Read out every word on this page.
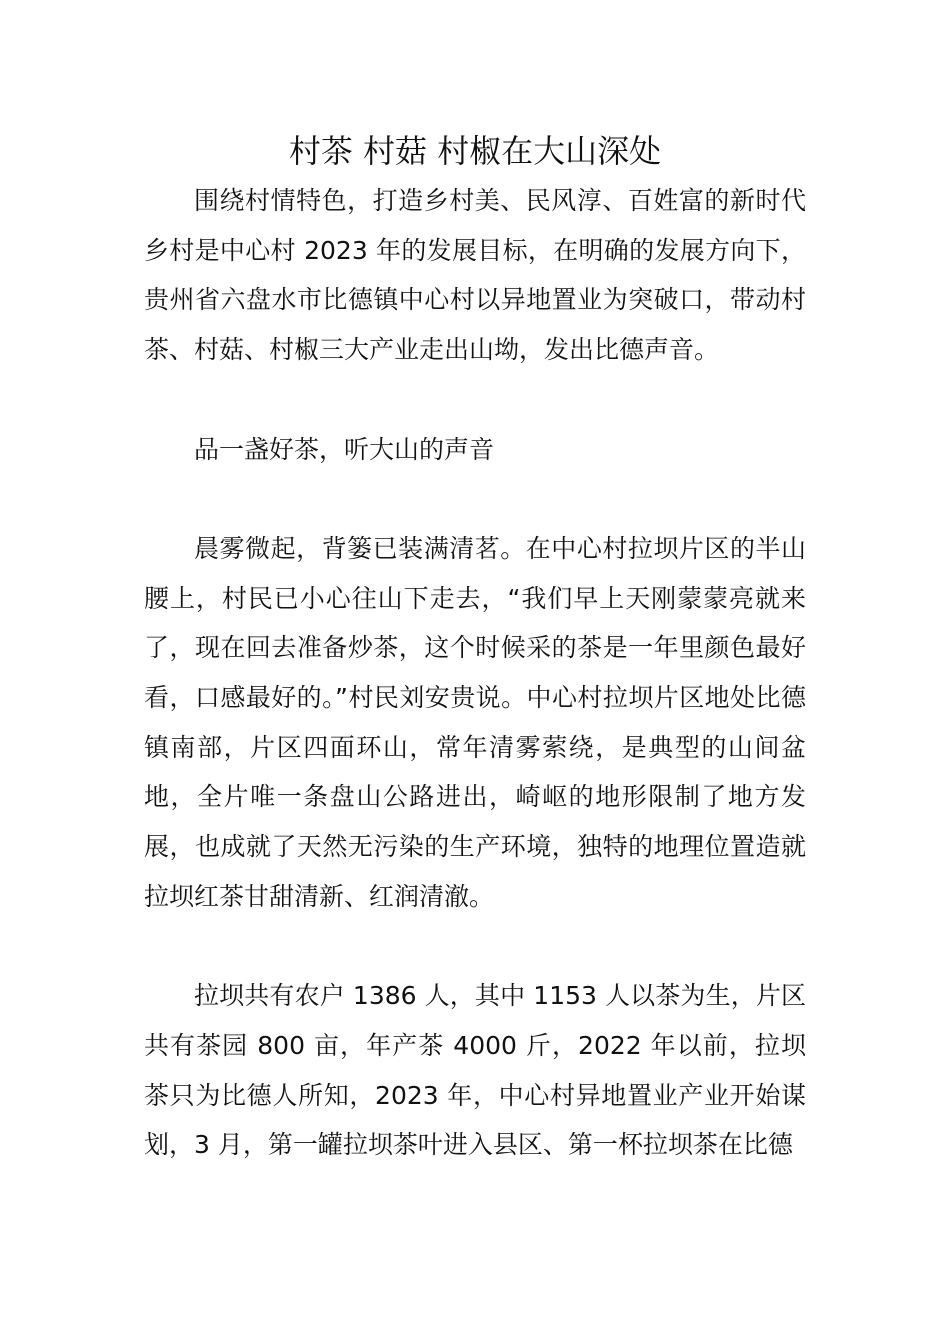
村茶 村菇 村椒在大山深处

围绕村情特色，打造乡村美、民风淳、百姓富的新时代乡村是中心村 2023 年的发展目标，在明确的发展方向下，贵州省六盘水市比德镇中心村以异地置业为突破口，带动村茶、村菇、村椒三大产业走出山坳，发出比德声音。

品一盏好茶，听大山的声音

晨雾微起，背篓已装满清茗。在中心村拉坝片区的半山腰上，村民已小心往山下走去，“我们早上天刚蒙蒙亮就来了，现在回去准备炒茶，这个时候采的茶是一年里颜色最好看，口感最好的。”村民刘安贵说。中心村拉坝片区地处比德镇南部，片区四面环山，常年清雾萦绕，是典型的山间盆地，全片唯一条盘山公路进出，崎岖的地形限制了地方发展，也成就了天然无污染的生产环境，独特的地理位置造就拉坝红茶甘甜清新、红润清澈。

拉坝共有农户 1386 人，其中 1153 人以茶为生，片区共有茶园 800 亩，年产茶 4000 斤，2022 年以前，拉坝茶只为比德人所知，2023 年，中心村异地置业产业开始谋划，3 月，第一罐拉坝茶叶进入县区、第一杯拉坝茶在比德
